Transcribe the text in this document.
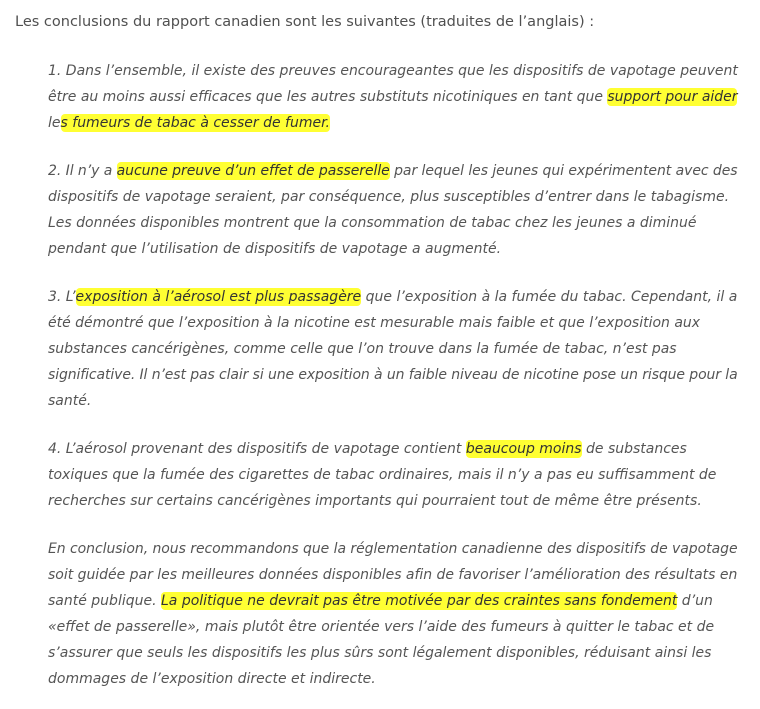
Les conclusions du rapport canadien sont les suivantes (traduites de l’anglais) :

1. Dans l’ensemble, il existe des preuves encourageantes que les dispositifs de vapotage peuvent
être au moins aussi efficaces que les autres substituts nicotiniques en tant que support pour aider
les fumeurs de tabac à cesser de fumer.
2. Il n’y a aucune preuve d’un effet de passerelle par lequel les jeunes qui expérimentent avec des
dispositifs de vapotage seraient, par conséquence, plus susceptibles d’entrer dans le tabagisme.
Les données disponibles montrent que la consommation de tabac chez les jeunes a diminué
pendant que l’utilisation de dispositifs de vapotage a augmenté.
3. L’exposition à l’aérosol est plus passagère que l’exposition à la fumée du tabac. Cependant, il a
été démontré que l’exposition à la nicotine est mesurable mais faible et que l’exposition aux
substances cancérigènes, comme celle que l’on trouve dans la fumée de tabac, n’est pas
significative. Il n’est pas clair si une exposition à un faible niveau de nicotine pose un risque pour la
santé.
4. L’aérosol provenant des dispositifs de vapotage contient beaucoup moins de substances
toxiques que la fumée des cigarettes de tabac ordinaires, mais il n’y a pas eu suffisamment de
recherches sur certains cancérigènes importants qui pourraient tout de même être présents.
En conclusion, nous recommandons que la réglementation canadienne des dispositifs de vapotage
soit guidée par les meilleures données disponibles afin de favoriser l’amélioration des résultats en
santé publique. La politique ne devrait pas être motivée par des craintes sans fondement d’un
«effet de passerelle», mais plutôt être orientée vers l’aide des fumeurs à quitter le tabac et de
s’assurer que seuls les dispositifs les plus sûrs sont légalement disponibles, réduisant ainsi les
dommages de l’exposition directe et indirecte.
